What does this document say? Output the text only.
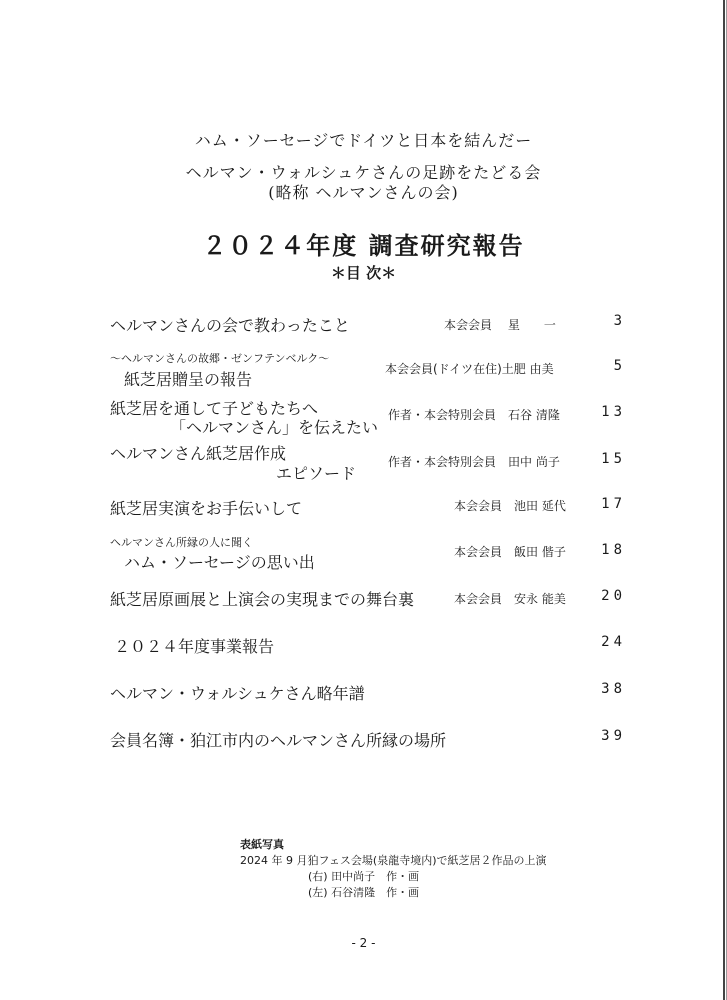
ハム・ソーセージでドイツと日本を結んだー
ヘルマン・ウォルシュケさんの足跡をたどる会
(略称 ヘルマンさんの会)
２０２４年度 調査研究報告
＊目 次＊
ヘルマンさんの会で教わったこと	本会会員　 星　　一	3
～ヘルマンさんの故郷・ゼンフテンベルク～
紙芝居贈呈の報告
本会会員(ドイツ在住)土肥 由美	5
紙芝居を通して子どもたちへ
「ヘルマンさん」を伝えたい
作者・本会特別会員　石谷 清隆	13
ヘルマンさん紙芝居作成
エピソード
作者・本会特別会員　田中 尚子	15
紙芝居実演をお手伝いして	本会会員　池田 延代	17
ヘルマンさん所縁の人に聞く
ハム・ソーセージの思い出
本会会員　飯田 偕子	18
紙芝居原画展と上演会の実現までの舞台裏	本会会員　安永 能美	20
２０２４年度事業報告	24
ヘルマン・ウォルシュケさん略年譜	38
会員名簿・狛江市内のヘルマンさん所縁の場所	39
表紙写真
2024 年 9 月狛フェス会場(泉龍寺境内)で紙芝居２作品の上演
(右) 田中尚子　作・画
(左) 石谷清隆　作・画
- 2 -
